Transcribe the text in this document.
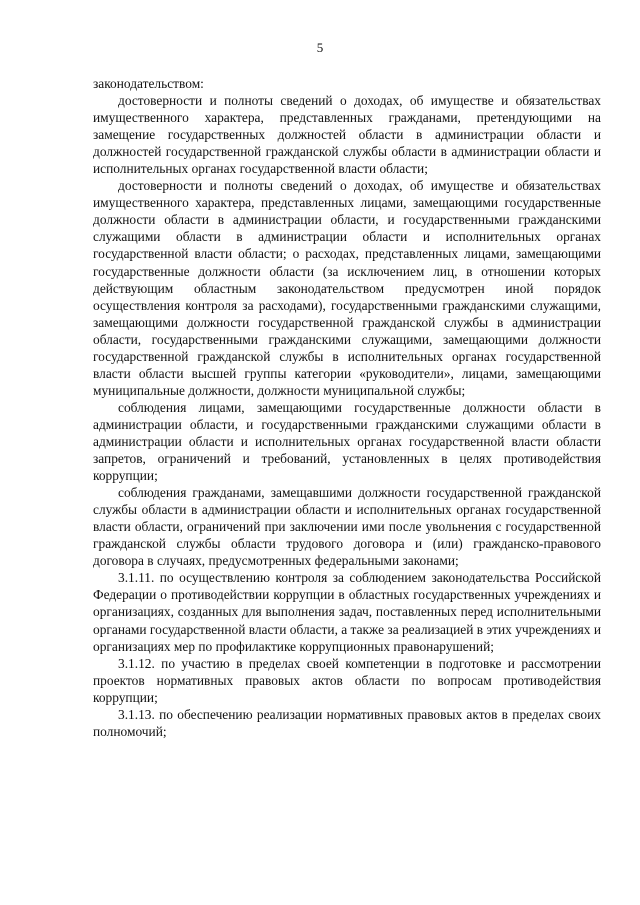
5

законодательством:

достоверности и полноты сведений о доходах, об имуществе и обязательствах имущественного характера, представленных гражданами, претендующими на замещение государственных должностей области в администрации области и должностей государственной гражданской службы области в администрации области и исполнительных органах государственной власти области;

достоверности и полноты сведений о доходах, об имуществе и обязательствах имущественного характера, представленных лицами, замещающими государственные должности области в администрации области, и государственными гражданскими служащими области в администрации области и исполнительных органах государственной власти области; о расходах, представленных лицами, замещающими государственные должности области (за исключением лиц, в отношении которых действующим областным законодательством предусмотрен иной порядок осуществления контроля за расходами), государственными гражданскими служащими, замещающими должности государственной гражданской службы в администрации области, государственными гражданскими служащими, замещающими должности государственной гражданской службы в исполнительных органах государственной власти области высшей группы категории «руководители», лицами, замещающими муниципальные должности, должности муниципальной службы;

соблюдения лицами, замещающими государственные должности области в администрации области, и государственными гражданскими служащими области в администрации области и исполнительных органах государственной власти области запретов, ограничений и требований, установленных в целях противодействия коррупции;

соблюдения гражданами, замещавшими должности государственной гражданской службы области в администрации области и исполнительных органах государственной власти области, ограничений при заключении ими после увольнения с государственной гражданской службы области трудового договора и (или) гражданско-правового договора в случаях, предусмотренных федеральными законами;

3.1.11. по осуществлению контроля за соблюдением законодательства Российской Федерации о противодействии коррупции в областных государственных учреждениях и организациях, созданных для выполнения задач, поставленных перед исполнительными органами государственной власти области, а также за реализацией в этих учреждениях и организациях мер по профилактике коррупционных правонарушений;

3.1.12. по участию в пределах своей компетенции в подготовке и рассмотрении проектов нормативных правовых актов области по вопросам противодействия коррупции;

3.1.13. по обеспечению реализации нормативных правовых актов в пределах своих полномочий;
